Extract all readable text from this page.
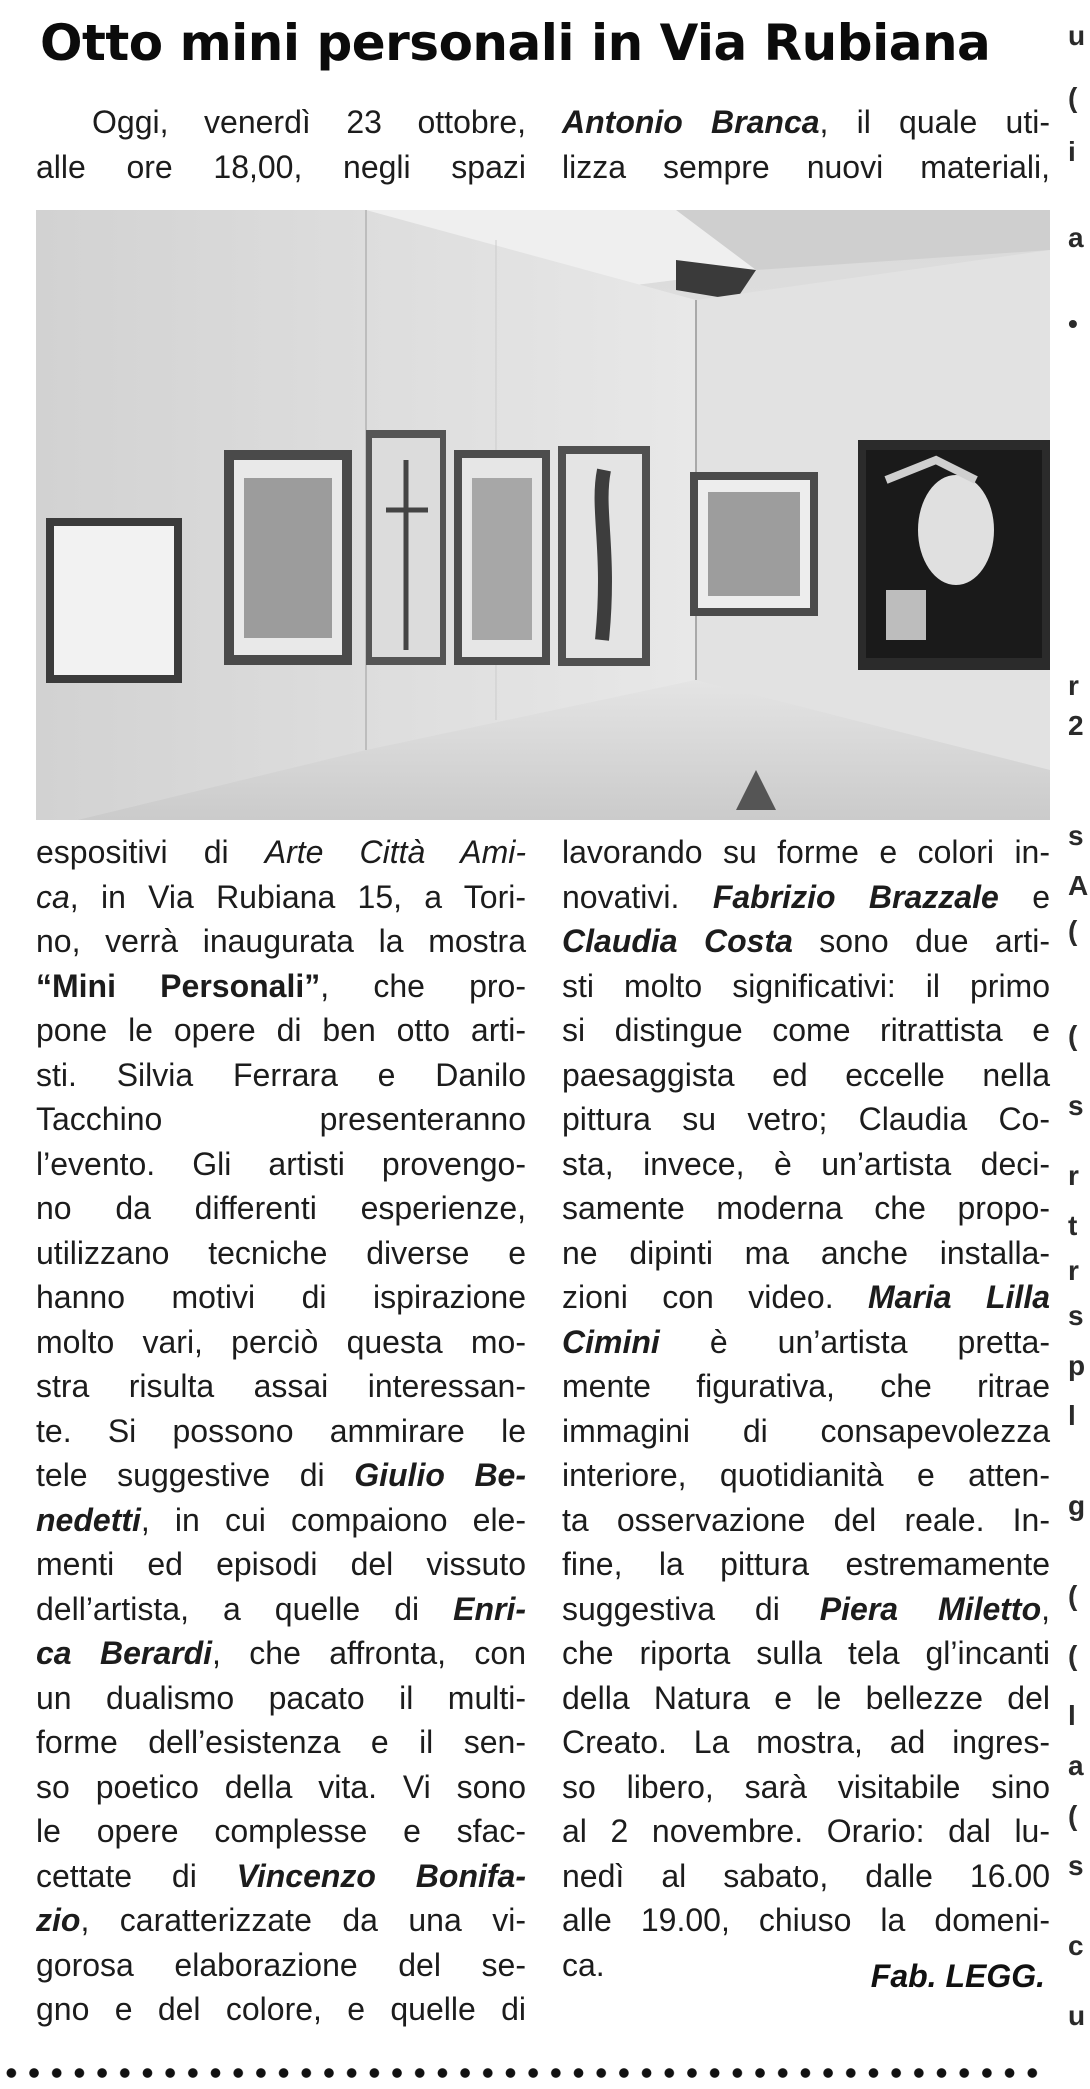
Otto mini personali in Via Rubiana
Oggi, venerdì 23 ottobre,
alle ore 18,00, negli spazi
Antonio Branca, il quale uti-
lizza sempre nuovi materiali,
espositivi di Arte Città Ami-
ca, in Via Rubiana 15, a Tori-
no, verrà inaugurata la mostra
“Mini Personali”, che pro-
pone le opere di ben otto arti-
sti. Silvia Ferrara e Danilo
Tacchino presenteranno
l’evento. Gli artisti provengo-
no da differenti esperienze,
utilizzano tecniche diverse e
hanno motivi di ispirazione
molto vari, perciò questa mo-
stra risulta assai interessan-
te. Si possono ammirare le
tele suggestive di Giulio Be-
nedetti, in cui compaiono ele-
menti ed episodi del vissuto
dell’artista, a quelle di Enri-
ca Berardi, che affronta, con
un dualismo pacato il multi-
forme dell’esistenza e il sen-
so poetico della vita. Vi sono
le opere complesse e sfac-
cettate di Vincenzo Bonifa-
zio, caratterizzate da una vi-
gorosa elaborazione del se-
gno e del colore, e quelle di
lavorando su forme e colori in-
novativi. Fabrizio Brazzale e
Claudia Costa sono due arti-
sti molto significativi: il primo
si distingue come ritrattista e
paesaggista ed eccelle nella
pittura su vetro; Claudia Co-
sta, invece, è un’artista deci-
samente moderna che propo-
ne dipinti ma anche installa-
zioni con video. Maria Lilla
Cimini è un’artista pretta-
mente figurativa, che ritrae
immagini di consapevolezza
interiore, quotidianità e atten-
ta osservazione del reale. In-
fine, la pittura estremamente
suggestiva di Piera Miletto,
che riporta sulla tela gl’incanti
della Natura e le bellezze del
Creato. La mostra, ad ingres-
so libero, sarà visitabile sino
al 2 novembre. Orario: dal lu-
nedì al sabato, dalle 16.00
alle 19.00, chiuso la domeni-
ca.	Fab. LEGG.
u
(
i
a
•
r
2
s
A
(
(
s
r
t
r
s
p
l
g
(
(
l
a
(
s
c
u
